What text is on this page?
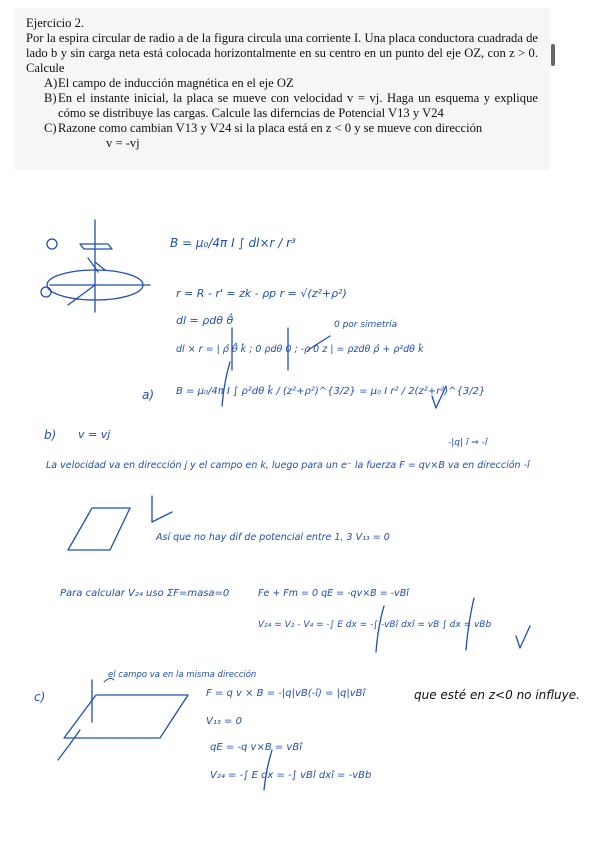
Ejercicio 2.

Por la espira circular de radio a de la figura circula una corriente I. Una placa conductora cuadrada de lado b y sin carga neta está colocada horizontalmente en su centro en un punto del eje OZ, con z > 0. Calcule

A) El campo de inducción magnética en el eje OZ
B) En el instante inicial, la placa se mueve con velocidad v = vj. Haga un esquema y explique cómo se distribuye las cargas. Calcule las diferncias de Potencial V13 y V24
C) Razone como cambian V13 y V24 si la placa está en z < 0 y se mueve con dirección
v = -vj
B = μ₀/4π I ∫ dl×r / r³
r = R - r' = zk - ρp r = √(z²+ρ²)
dl = ρdθ θ̂
dl × r = | ρ̂ θ̂ k̂ ; 0 ρdθ 0 ; -ρ 0 z | = ρzdθ ρ̂ + ρ²dθ k̂
0 por simetría
a) B = μ₀/4π I ∫ ρ²dθ k̂ / (z²+ρ²)^{3/2} = μ₀ I r² / 2(z²+r²)^{3/2}
b) v = vj
-|q| î ⇒ -î
La velocidad va en dirección j y el campo en k, luego para un e⁻ la fuerza F = qv×B va en dirección -î
Así que no hay dif de potencial entre 1, 3 V₁₃ = 0
Para calcular V₂₄ uso ΣF=masa=0	Fe + Fm = 0 qE = -qv×B = -vBî
V₂₄ = V₂ - V₄ = -∫ E dx = -∫ -vBî dxî = vB ∫ dx = vBb
c)
el campo va en la misma dirección
F = q v × B = -|q|vB(-î) = |q|vBî
V₁₃ = 0
qE = -q v×B = vBî
V₂₄ = -∫ E dx = -∫ vBî dxî = -vBb
que esté en z<0 no influye.
